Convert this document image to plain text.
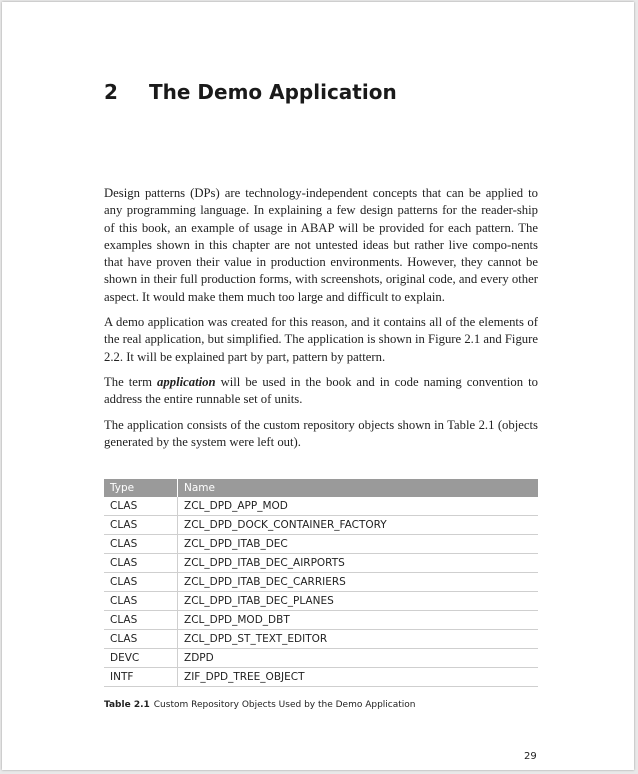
2 The Demo Application

Design patterns (DPs) are technology-independent concepts that can be applied to any programming language. In explaining a few design patterns for the reader-ship of this book, an example of usage in ABAP will be provided for each pattern. The examples shown in this chapter are not untested ideas but rather live compo-nents that have proven their value in production environments. However, they cannot be shown in their full production forms, with screenshots, original code, and every other aspect. It would make them much too large and difficult to explain.

A demo application was created for this reason, and it contains all of the elements of the real application, but simplified. The application is shown in Figure 2.1 and Figure 2.2. It will be explained part by part, pattern by pattern.

The term application will be used in the book and in code naming convention to address the entire runnable set of units.

The application consists of the custom repository objects shown in Table 2.1 (objects generated by the system were left out).

Type	Name
CLAS	ZCL_DPD_APP_MOD
CLAS	ZCL_DPD_DOCK_CONTAINER_FACTORY
CLAS	ZCL_DPD_ITAB_DEC
CLAS	ZCL_DPD_ITAB_DEC_AIRPORTS
CLAS	ZCL_DPD_ITAB_DEC_CARRIERS
CLAS	ZCL_DPD_ITAB_DEC_PLANES
CLAS	ZCL_DPD_MOD_DBT
CLAS	ZCL_DPD_ST_TEXT_EDITOR
DEVC	ZDPD
INTF	ZIF_DPD_TREE_OBJECT
Table 2.1 Custom Repository Objects Used by the Demo Application
29
